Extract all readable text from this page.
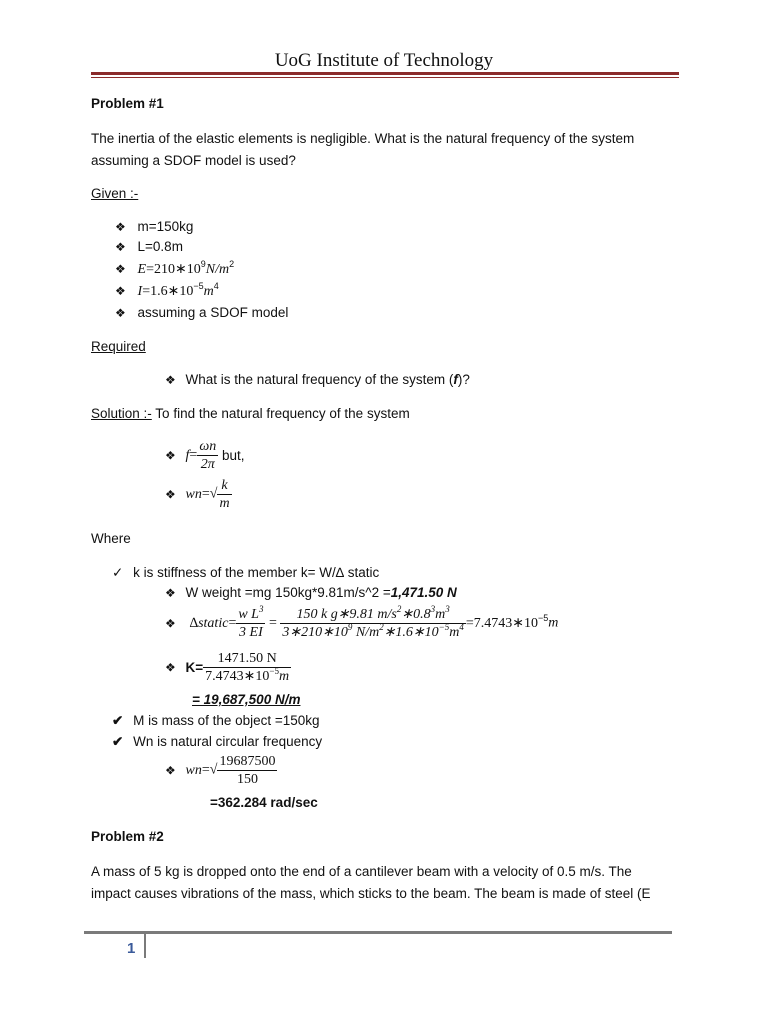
UoG Institute of Technology
Problem #1
The inertia of the elastic elements is negligible. What is the natural frequency of the system
assuming a SDOF model is used?
Given :-
❖ m=150kg
❖ L=0.8m
❖ $E=210∗10^9N/m^2$
❖ $I=1.6∗10^{-5}m^4$
❖ assuming a SDOF model
Required
❖ What is the natural frequency of the system (f)?
Solution :- To find the natural frequency of the system
❖ $f= \frac{\omega n}{2\pi}$ but,
❖ $wn=√ \frac{k}{m}$
Where
✓ k is stiffness of the member k= W/∆ static
❖ W weight =mg 150kg*9.81m/s^2 =1,471.50 N
❖ ∆static= $\frac{w L^3}{3 EI} = \frac{150 k g∗9.81 m/s^2∗0.8^3m^3}{3∗210∗10^9 N/m^2∗1.6∗10^{-5}m^4}$ $=7.4743∗10^{-5}m$
❖ $K= \frac{1471.50 N}{7.4743∗10^{-5}m}$
= 19,687,500 N/m
✔ M is mass of the object =150kg
✔ Wn is natural circular frequency
❖ $wn=√ \frac{19687500}{150}$
=362.284 rad/sec
Problem #2
A mass of 5 kg is dropped onto the end of a cantilever beam with a velocity of 0.5 m/s. The
impact causes vibrations of the mass, which sticks to the beam. The beam is made of steel (E
1
